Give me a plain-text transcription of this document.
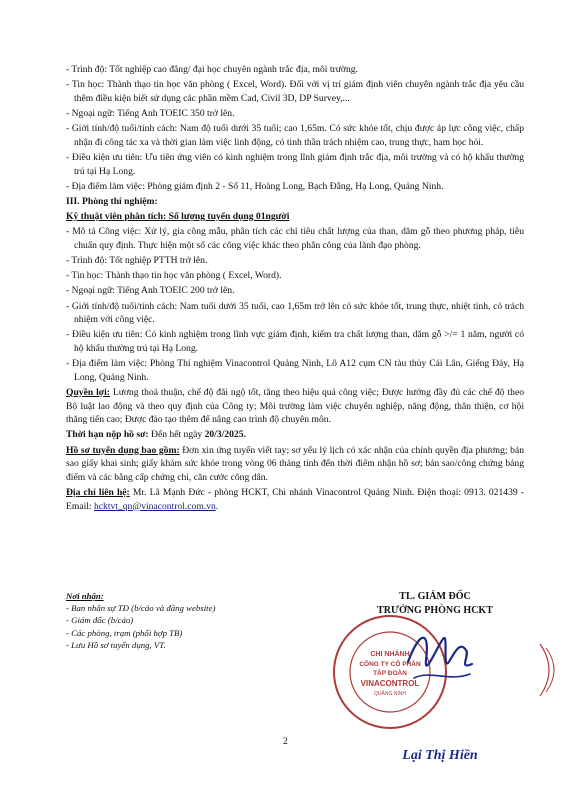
- Trình độ: Tốt nghiệp cao đẳng/ đại học chuyên ngành trắc địa, môi trường.

- Tin học: Thành thạo tin học văn phòng ( Excel, Word). Đối với vị trí giám định viên chuyên ngành trắc địa yêu cầu thêm điều kiện biết sử dụng các phần mềm Cad, Civil 3D, DP Survey,...

- Ngoại ngữ: Tiếng Anh TOEIC 350 trở lên.

- Giới tính/độ tuổi/tính cách: Nam độ tuổi dưới 35 tuổi; cao 1,65m. Có sức khỏe tốt, chịu được áp lực công việc, chấp nhận đi công tác xa và thời gian làm việc linh động, có tinh thần trách nhiệm cao, trung thực, ham học hỏi.

- Điều kiện ưu tiên: Ưu tiên ứng viên có kinh nghiệm trong lĩnh giám định trắc địa, môi trường và có hộ khẩu thường trú tại Hạ Long.

- Địa điểm làm việc: Phòng giám định 2 - Số 11, Hoàng Long, Bạch Đằng, Hạ Long, Quảng Ninh.

III. Phòng thí nghiệm:

Kỹ thuật viên phân tích: Số lượng tuyển dụng 01người

- Mô tả Công việc: Xử lý, gia công mẫu, phân tích các chỉ tiêu chất lượng của than, dăm gỗ theo phương pháp, tiêu chuẩn quy định. Thực hiện một số các công việc khác theo phân công của lãnh đạo phòng.

- Trình độ: Tốt nghiệp PTTH trở lên.

- Tin học: Thành thạo tin học văn phòng ( Excel, Word).

- Ngoại ngữ: Tiếng Anh TOEIC 200 trở lên.

- Giới tính/độ tuổi/tính cách: Nam tuổi dưới 35 tuổi, cao 1,65m trở lên có sức khỏe tốt, trung thực, nhiệt tình, có trách nhiệm với công việc.

- Điều kiện ưu tiên: Có kinh nghiệm trong lĩnh vực giám định, kiểm tra chất lượng than, dăm gỗ >/= 1 năm, người có hộ khẩu thường trú tại Hạ Long.

- Địa điểm làm việc: Phòng Thí nghiệm Vinacontrol Quảng Ninh, Lô A12 cụm CN tàu thủy Cái Lân, Giếng Đáy, Hạ Long, Quảng Ninh.

Quyền lợi: Lương thoả thuận, chế độ đãi ngộ tốt, tăng theo hiệu quả công việc; Được hưởng đầy đủ các chế độ theo Bộ luật lao động và theo quy định của Công ty; Môi trường làm việc chuyên nghiệp, năng động, thân thiện, cơ hội thăng tiến cao; Được đào tạo thêm để nâng cao trình độ chuyên môn.

Thời hạn nộp hồ sơ: Đến hết ngày 20/3/2025.

Hồ sơ tuyển dụng bao gồm: Đơn xin ứng tuyển viết tay; sơ yếu lý lịch có xác nhận của chính quyền địa phương; bản sao giấy khai sinh; giấy khám sức khỏe trong vòng 06 tháng tính đến thời điểm nhận hồ sơ; bản sao/công chứng bảng điểm và các bằng cấp chứng chỉ, căn cước công dân.

Địa chỉ liên hệ: Mr. Lã Mạnh Đức - phòng HCKT, Chi nhánh Vinacontrol Quảng Ninh. Điện thoại: 0913. 021439 - Email: hcktvt_qn@vinacontrol.com.vn.

Nơi nhận:
- Ban nhân sự TĐ (b/cáo và đăng website)
- Giám đốc (b/cáo)
- Các phòng, trạm (phối hợp TB)
- Lưu Hồ sơ tuyển dụng, VT.
TL. GIÁM ĐỐC
TRƯỞNG PHÒNG HCKT
CHI NHÁNH
CÔNG TY CỔ PHẦN
TẬP ĐOÀN
VINACONTROL
QUẢNG NINH
Lại Thị Hiền
2
